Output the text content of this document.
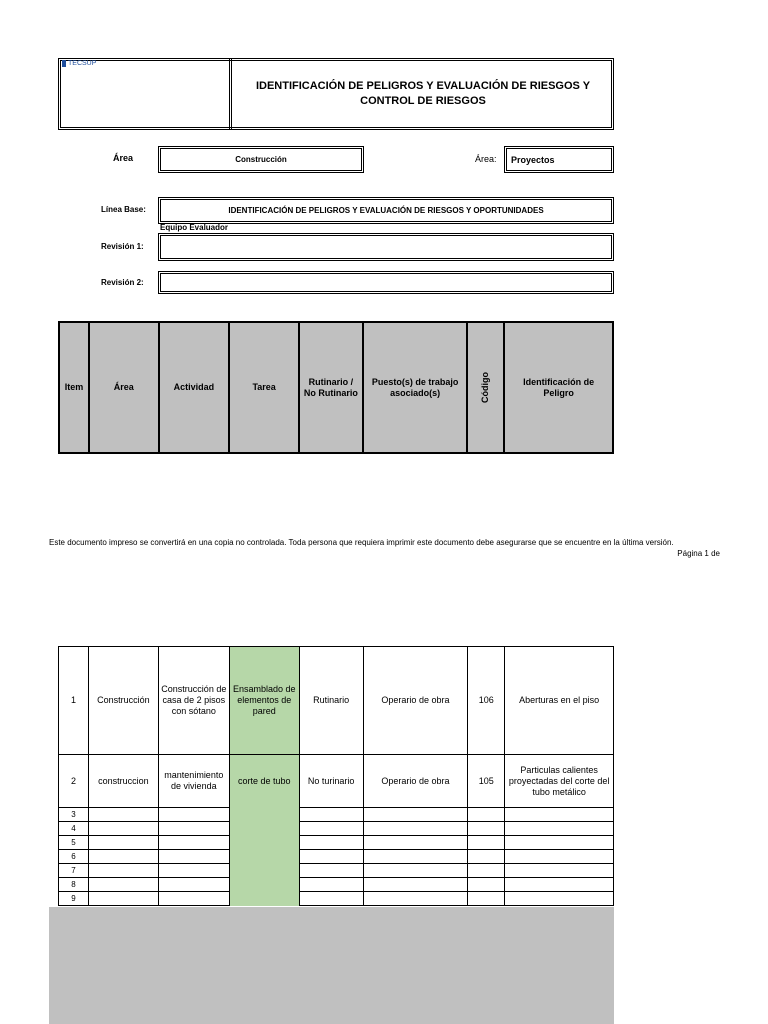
TECSUP
IDENTIFICACIÓN DE PELIGROS Y EVALUACIÓN DE RIESGOS Y CONTROL DE RIESGOS
Área	Construcción	Área: Proyectos
Línea Base:	IDENTIFICACIÓN DE PELIGROS Y EVALUACIÓN DE RIESGOS Y OPORTUNIDADES
Equipo Evaluador
Revisión 1:
Revisión 2:
Item	Área	Actividad	Tarea	Rutinario / No Rutinario	Puesto(s) de trabajo asociado(s)	Código	Identificación de Peligro
Este documento impreso se convertirá en una copia no controlada. Toda persona que requiera imprimir este documento debe asegurarse que se encuentre en la última versión.
Página 1 de
1	Construcción	Construcción de casa de 2 pisos con sótano	Ensamblado de elementos de pared	Rutinario	Operario de obra	106	Aberturas en el piso
2	construccion	mantenimiento de vivienda	corte de tubo	No turinario	Operario de obra	105	Particulas calientes proyectadas del corte del tubo metálico
3							
4							
5							
6							
7							
8							
9							
